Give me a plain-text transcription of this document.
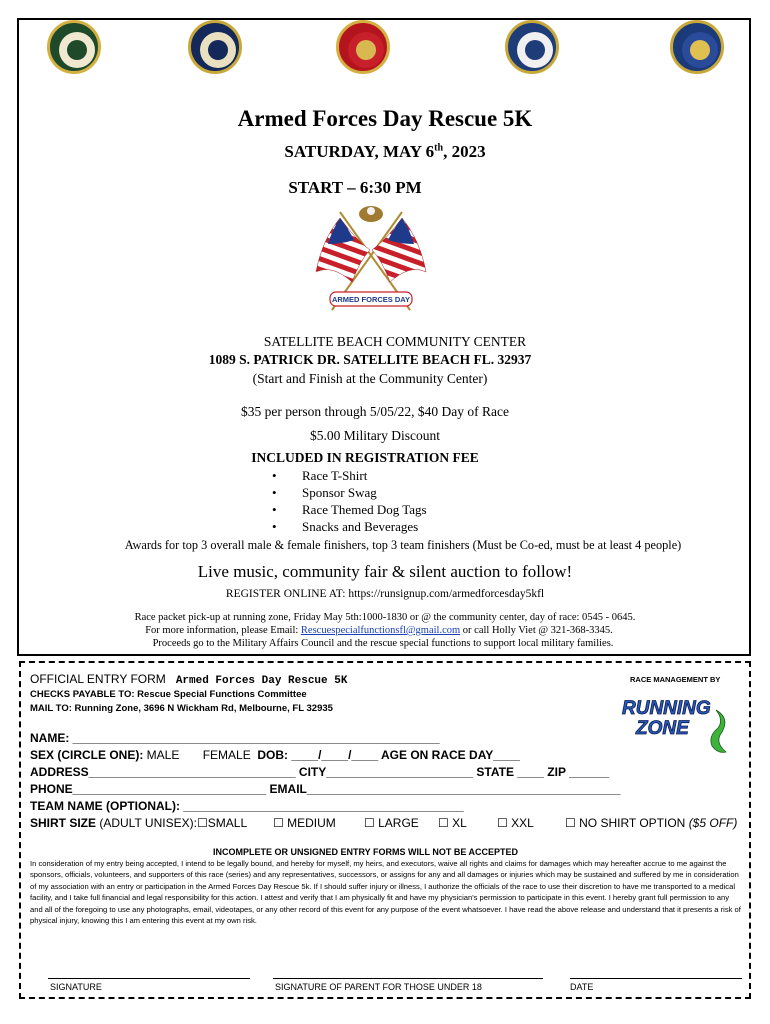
Armed Forces Day Rescue 5K
SATURDAY, MAY 6th, 2023
START – 6:30 PM
ARMED FORCES DAY
SATELLITE BEACH COMMUNITY CENTER
1089 S. PATRICK DR. SATELLITE BEACH FL. 32937
(Start and Finish at the Community Center)
$35 per person through 5/05/22, $40 Day of Race
$5.00 Military Discount
INCLUDED IN REGISTRATION FEE
• Race T-Shirt
• Sponsor Swag
• Race Themed Dog Tags
• Snacks and Beverages
Awards for top 3 overall male & female finishers, top 3 team finishers (Must be Co-ed, must be at least 4 people)
Live music, community fair & silent auction to follow!
REGISTER ONLINE AT: https://runsignup.com/armedforcesday5kfl
Race packet pick-up at running zone, Friday May 5th:1000-1830 or @ the community center, day of race: 0545 - 0645.
For more information, please Email: Rescuespecialfunctionsfl@gmail.com or call Holly Viet @ 321-368-3345.
Proceeds go to the Military Affairs Council and the rescue special functions to support local military families.
OFFICIAL ENTRY FORM Armed Forces Day Rescue 5K	RACE MANAGEMENT BY
CHECKS PAYABLE TO: Rescue Special Functions Committee
MAIL TO: Running Zone, 3696 N Wickham Rd, Melbourne, FL 32935	RUNNING
ZONE
NAME: _______________________________________________________
SEX (CIRCLE ONE): MALE       FEMALE  DOB: ____/____/____ AGE ON RACE DAY____
ADDRESS_______________________________ CITY______________________ STATE ____ ZIP ______
PHONE_____________________________ EMAIL_______________________________________________
TEAM NAME (OPTIONAL): __________________________________________
SHIRT SIZE (ADULT UNISEX): ☐SMALL ☐ MEDIUM ☐ LARGE ☐ XL	☐ XXL	☐ NO SHIRT OPTION ($5 OFF)
INCOMPLETE OR UNSIGNED ENTRY FORMS WILL NOT BE ACCEPTED
In consideration of my entry being accepted, I intend to be legally bound, and hereby for myself, my heirs, and executors, waive all rights and claims for damages which may hereafter accrue to me against the sponsors, officials, volunteers, and supporters of this race (series) and any representatives, successors, or assigns for any and all damages or injuries which may be sustained and suffered by me in consideration of my association with an entry or participation in the Armed Forces Day Rescue 5k. If I should suffer injury or illness, I authorize the officials of the race to use their discretion to have me transported to a medical facility, and I take full financial and legal responsibility for this action. I attest and verify that I am physically fit and have my physician's permission to participate in this event. I hereby grant full permission to any and all of the foregoing to use any photographs, email, videotapes, or any other record of this event for any purpose of the event whatsoever. I have read the above release and understand that it presents a risk of physical injury, knowing this I am entering this event at my own risk.
SIGNATURE	SIGNATURE OF PARENT FOR THOSE UNDER 18	DATE
